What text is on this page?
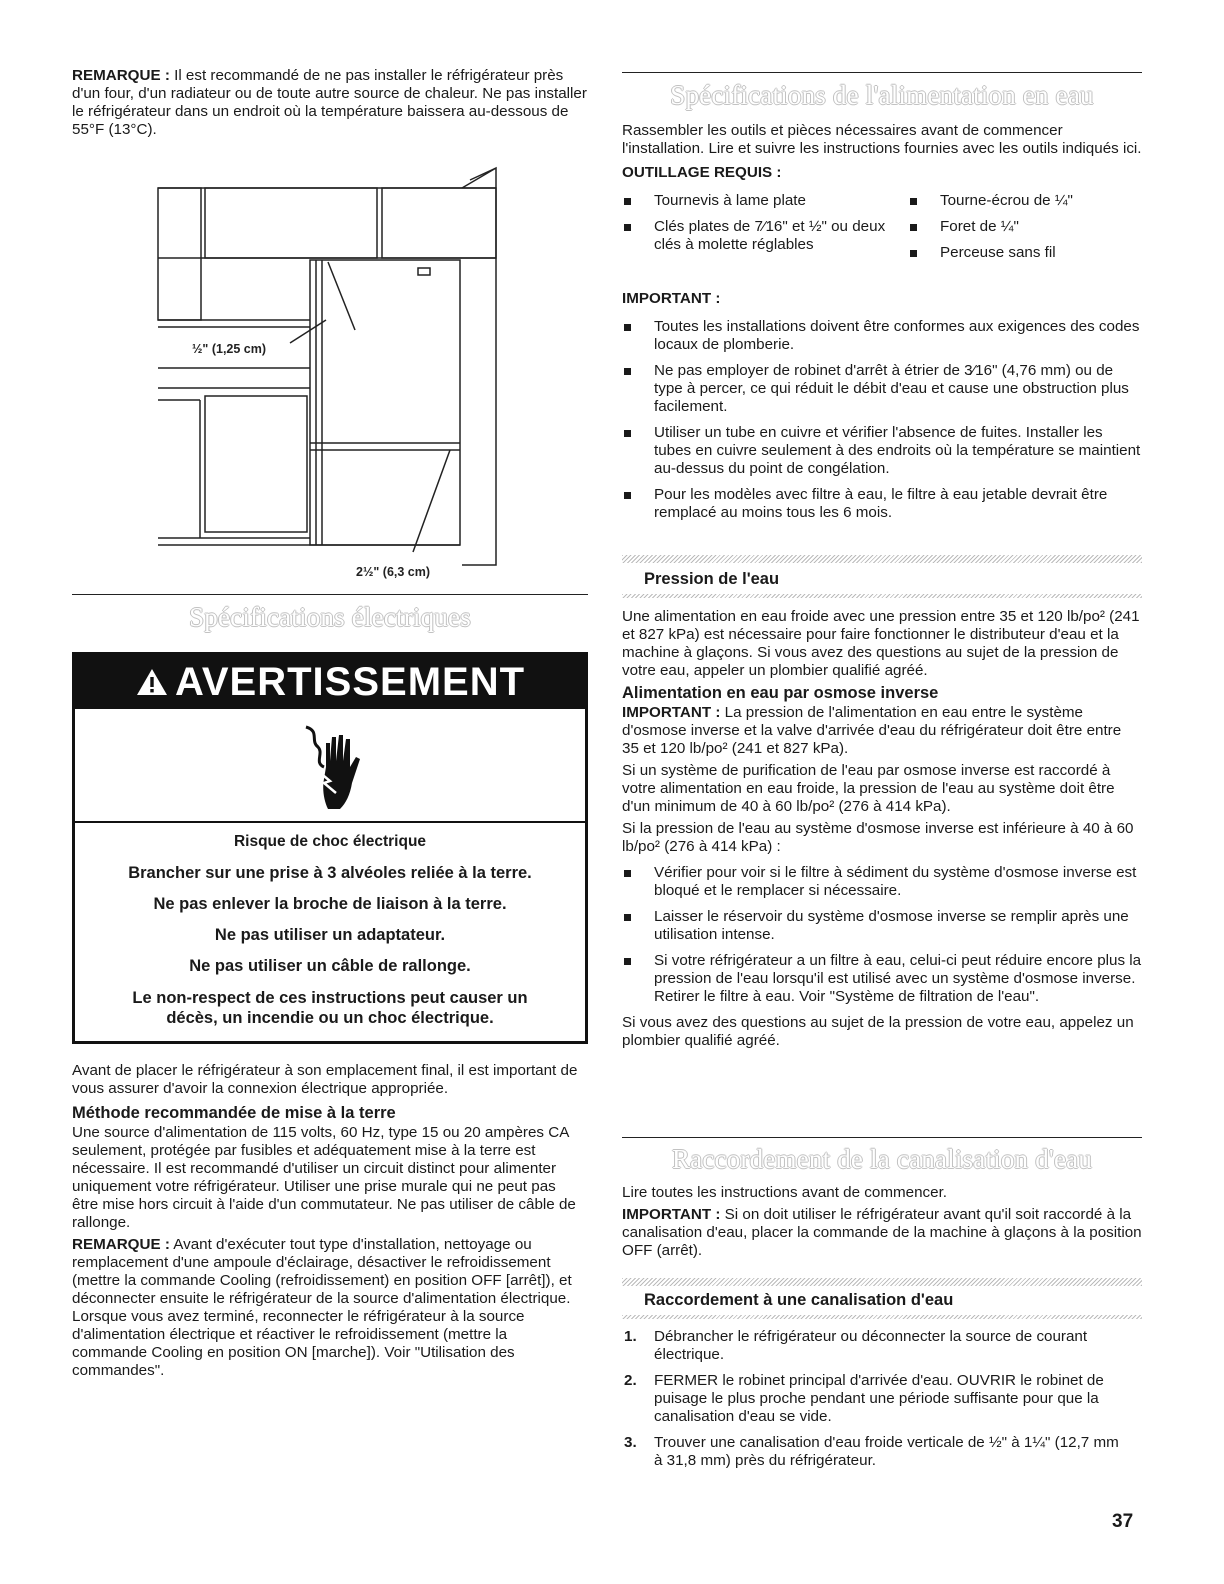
REMARQUE : Il est recommandé de ne pas installer le réfrigérateur près d'un four, d'un radiateur ou de toute autre source de chaleur. Ne pas installer le réfrigérateur dans un endroit où la température baissera au-dessous de 55°F (13°C).

½" (1,25 cm)
2½" (6,3 cm)
Spécifications électriques
AVERTISSEMENT
Risque de choc électrique
Brancher sur une prise à 3 alvéoles reliée à la terre.
Ne pas enlever la broche de liaison à la terre.
Ne pas utiliser un adaptateur.
Ne pas utiliser un câble de rallonge.
Le non-respect de ces instructions peut causer un décès, un incendie ou un choc électrique.

Avant de placer le réfrigérateur à son emplacement final, il est important de vous assurer d'avoir la connexion électrique appropriée.

Méthode recommandée de mise à la terre

Une source d'alimentation de 115 volts, 60 Hz, type 15 ou 20 ampères CA seulement, protégée par fusibles et adéquatement mise à la terre est nécessaire. Il est recommandé d'utiliser un circuit distinct pour alimenter uniquement votre réfrigérateur. Utiliser une prise murale qui ne peut pas être mise hors circuit à l'aide d'un commutateur. Ne pas utiliser de câble de rallonge.

REMARQUE : Avant d'exécuter tout type d'installation, nettoyage ou remplacement d'une ampoule d'éclairage, désactiver le refroidissement (mettre la commande Cooling (refroidissement) en position OFF [arrêt]), et déconnecter ensuite le réfrigérateur de la source d'alimentation électrique. Lorsque vous avez terminé, reconnecter le réfrigérateur à la source d'alimentation électrique et réactiver le refroidissement (mettre la commande Cooling en position ON [marche]). Voir "Utilisation des commandes".

Spécifications de l'alimentation en eau

Rassembler les outils et pièces nécessaires avant de commencer l'installation. Lire et suivre les instructions fournies avec les outils indiqués ici.

OUTILLAGE REQUIS :
Tournevis à lame plate
Clés plates de 7⁄16" et ½" ou deux clés à molette réglables
Tourne-écrou de ¼"
Foret de ¼"
Perceuse sans fil
IMPORTANT :
Toutes les installations doivent être conformes aux exigences des codes locaux de plomberie.
Ne pas employer de robinet d'arrêt à étrier de 3⁄16" (4,76 mm) ou de type à percer, ce qui réduit le débit d'eau et cause une obstruction plus facilement.
Utiliser un tube en cuivre et vérifier l'absence de fuites. Installer les tubes en cuivre seulement à des endroits où la température se maintient au-dessus du point de congélation.
Pour les modèles avec filtre à eau, le filtre à eau jetable devrait être remplacé au moins tous les 6 mois.
Pression de l'eau

Une alimentation en eau froide avec une pression entre 35 et 120 lb/po² (241 et 827 kPa) est nécessaire pour faire fonctionner le distributeur d'eau et la machine à glaçons. Si vous avez des questions au sujet de la pression de votre eau, appeler un plombier qualifié agréé.

Alimentation en eau par osmose inverse

IMPORTANT : La pression de l'alimentation en eau entre le système d'osmose inverse et la valve d'arrivée d'eau du réfrigérateur doit être entre 35 et 120 lb/po² (241 et 827 kPa).

Si un système de purification de l'eau par osmose inverse est raccordé à votre alimentation en eau froide, la pression de l'eau au système doit être d'un minimum de 40 à 60 lb/po² (276 à 414 kPa).

Si la pression de l'eau au système d'osmose inverse est inférieure à 40 à 60 lb/po² (276 à 414 kPa) :

Vérifier pour voir si le filtre à sédiment du système d'osmose inverse est bloqué et le remplacer si nécessaire.
Laisser le réservoir du système d'osmose inverse se remplir après une utilisation intense.
Si votre réfrigérateur a un filtre à eau, celui-ci peut réduire encore plus la pression de l'eau lorsqu'il est utilisé avec un système d'osmose inverse. Retirer le filtre à eau. Voir "Système de filtration de l'eau".

Si vous avez des questions au sujet de la pression de votre eau, appelez un plombier qualifié agréé.

Raccordement de la canalisation d'eau

Lire toutes les instructions avant de commencer.

IMPORTANT : Si on doit utiliser le réfrigérateur avant qu'il soit raccordé à la canalisation d'eau, placer la commande de la machine à glaçons à la position OFF (arrêt).

Raccordement à une canalisation d'eau
1. Débrancher le réfrigérateur ou déconnecter la source de courant électrique.
2. FERMER le robinet principal d'arrivée d'eau. OUVRIR le robinet de puisage le plus proche pendant une période suffisante pour que la canalisation d'eau se vide.
3. Trouver une canalisation d'eau froide verticale de ½" à 1¼" (12,7 mm à 31,8 mm) près du réfrigérateur.
37
